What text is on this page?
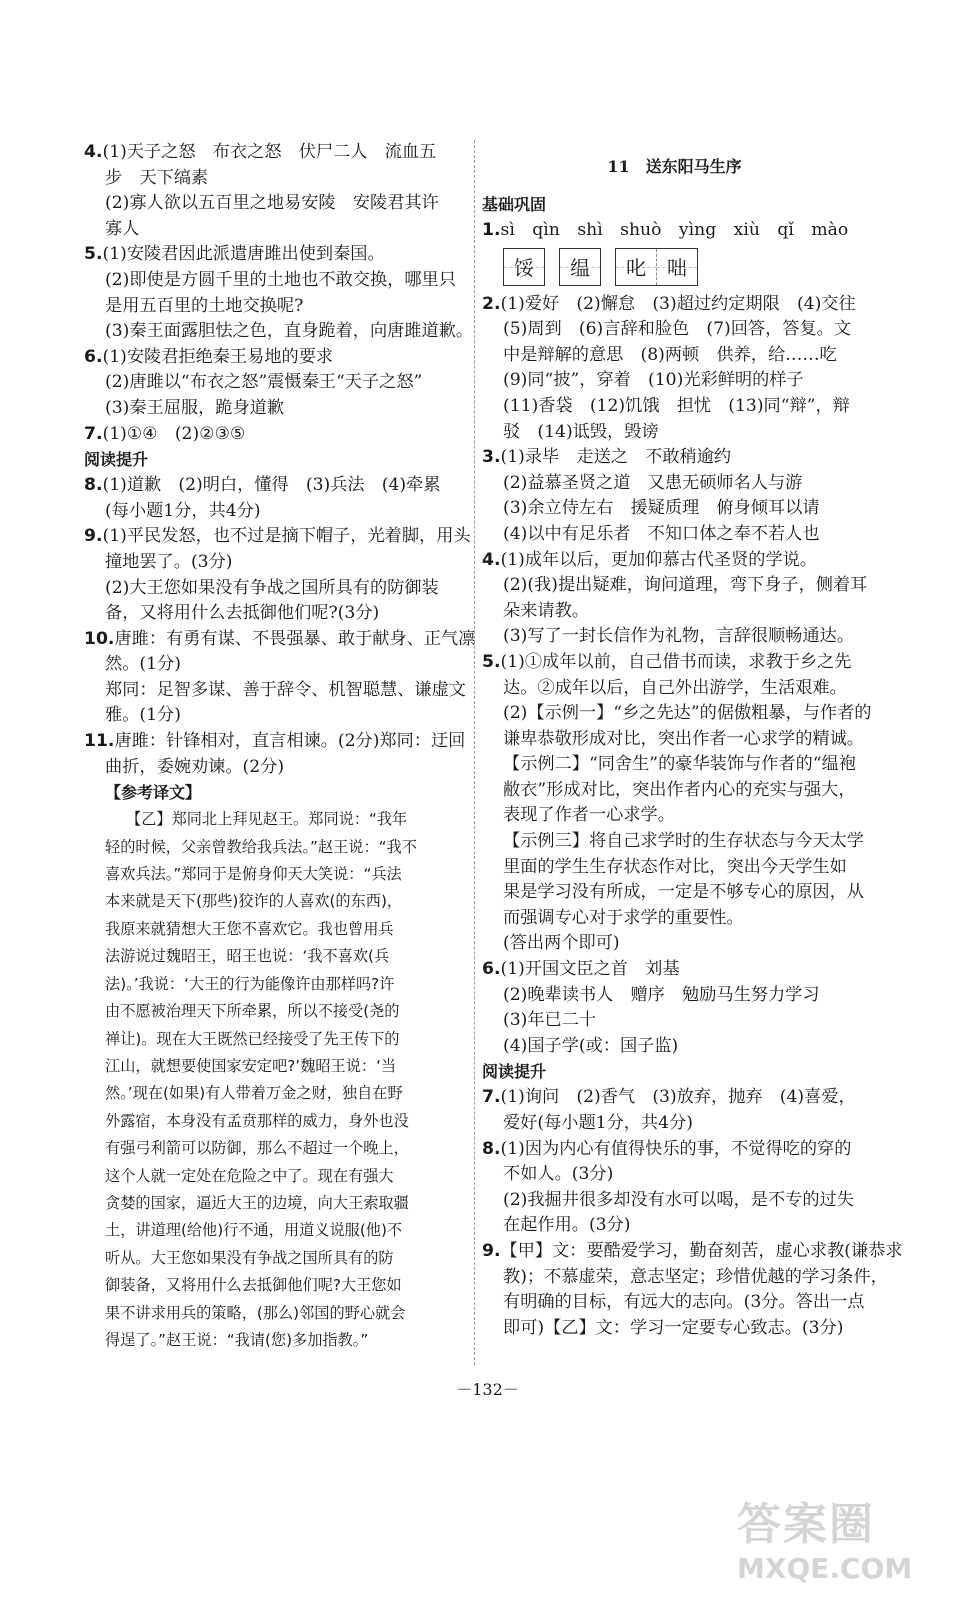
4.(1)天子之怒　布衣之怒　伏尸二人　流血五
步　天下缟素
(2)寡人欲以五百里之地易安陵　安陵君其许
寡人
5.(1)安陵君因此派遣唐雎出使到秦国。
(2)即使是方圆千里的土地也不敢交换，哪里只
是用五百里的土地交换呢?
(3)秦王面露胆怯之色，直身跪着，向唐雎道歉。
6.(1)安陵君拒绝秦王易地的要求
(2)唐雎以“布衣之怒”震慑秦王“天子之怒”
(3)秦王屈服，跪身道歉
7.(1)①④　(2)②③⑤
阅读提升
8.(1)道歉　(2)明白，懂得　(3)兵法　(4)牵累
(每小题1分，共4分)
9.(1)平民发怒，也不过是摘下帽子，光着脚，用头
撞地罢了。(3分)
(2)大王您如果没有争战之国所具有的防御装
备，又将用什么去抵御他们呢?(3分)
10.唐雎：有勇有谋、不畏强暴、敢于献身、正气凛
然。(1分)
郑同：足智多谋、善于辞令、机智聪慧、谦虚文
雅。(1分)
11.唐雎：针锋相对，直言相谏。(2分)郑同：迂回
曲折，委婉劝谏。(2分)
【参考译文】
【乙】郑同北上拜见赵王。郑同说：“我年
轻的时候，父亲曾教给我兵法。”赵王说：“我不
喜欢兵法。”郑同于是俯身仰天大笑说：“兵法
本来就是天下(那些)狡诈的人喜欢(的东西)，
我原来就猜想大王您不喜欢它。我也曾用兵
法游说过魏昭王，昭王也说：‘我不喜欢(兵
法)。’我说：‘大王的行为能像许由那样吗?许
由不愿被治理天下所牵累，所以不接受(尧的
禅让)。现在大王既然已经接受了先王传下的
江山，就想要使国家安定吧?’魏昭王说：‘当
然。’现在(如果)有人带着万金之财，独自在野
外露宿，本身没有孟贲那样的威力，身外也没
有强弓利箭可以防御，那么不超过一个晚上，
这个人就一定处在危险之中了。现在有强大
贪婪的国家，逼近大王的边境，向大王索取疆
土，讲道理(给他)行不通，用道义说服(他)不
听从。大王您如果没有争战之国所具有的防
御装备，又将用什么去抵御他们呢?大王您如
果不讲求用兵的策略，(那么)邻国的野心就会
得逞了。”赵王说：“我请(您)多加指教。”
11　送东阳马生序
基础巩固
1.sì qìn shì shuò yìng xiù qǐ mào
馁 缊 叱 咄
2.(1)爱好　(2)懈怠　(3)超过约定期限　(4)交往
(5)周到　(6)言辞和脸色　(7)回答，答复。文
中是辩解的意思　(8)两顿　供养，给……吃
(9)同“披”，穿着　(10)光彩鲜明的样子
(11)香袋　(12)饥饿　担忧　(13)同“辩”，辩
驳　(14)诋毁，毁谤
3.(1)录毕　走送之　不敢稍逾约
(2)益慕圣贤之道　又患无硕师名人与游
(3)余立侍左右　援疑质理　俯身倾耳以请
(4)以中有足乐者　不知口体之奉不若人也
4.(1)成年以后，更加仰慕古代圣贤的学说。
(2)(我)提出疑难，询问道理，弯下身子，侧着耳
朵来请教。
(3)写了一封长信作为礼物，言辞很顺畅通达。
5.(1)①成年以前，自己借书而读，求教于乡之先
达。②成年以后，自己外出游学，生活艰难。
(2)【示例一】“乡之先达”的倨傲粗暴，与作者的
谦卑恭敬形成对比，突出作者一心求学的精诚。
【示例二】“同舍生”的豪华装饰与作者的“缊袍
敝衣”形成对比，突出作者内心的充实与强大，
表现了作者一心求学。
【示例三】将自己求学时的生存状态与今天太学
里面的学生生存状态作对比，突出今天学生如
果是学习没有所成，一定是不够专心的原因，从
而强调专心对于求学的重要性。
(答出两个即可)
6.(1)开国文臣之首　刘基
(2)晚辈读书人　赠序　勉励马生努力学习
(3)年已二十
(4)国子学(或：国子监)
阅读提升
7.(1)询问　(2)香气　(3)放弃，抛弃　(4)喜爱，
爱好(每小题1分，共4分)
8.(1)因为内心有值得快乐的事，不觉得吃的穿的
不如人。(3分)
(2)我掘井很多却没有水可以喝，是不专的过失
在起作用。(3分)
9.【甲】文：要酷爱学习，勤奋刻苦，虚心求教(谦恭求
教)；不慕虚荣，意志坚定；珍惜优越的学习条件，
有明确的目标，有远大的志向。(3分。答出一点
即可)【乙】文：学习一定要专心致志。(3分)
－132－
答案圈
MXQE.COM
